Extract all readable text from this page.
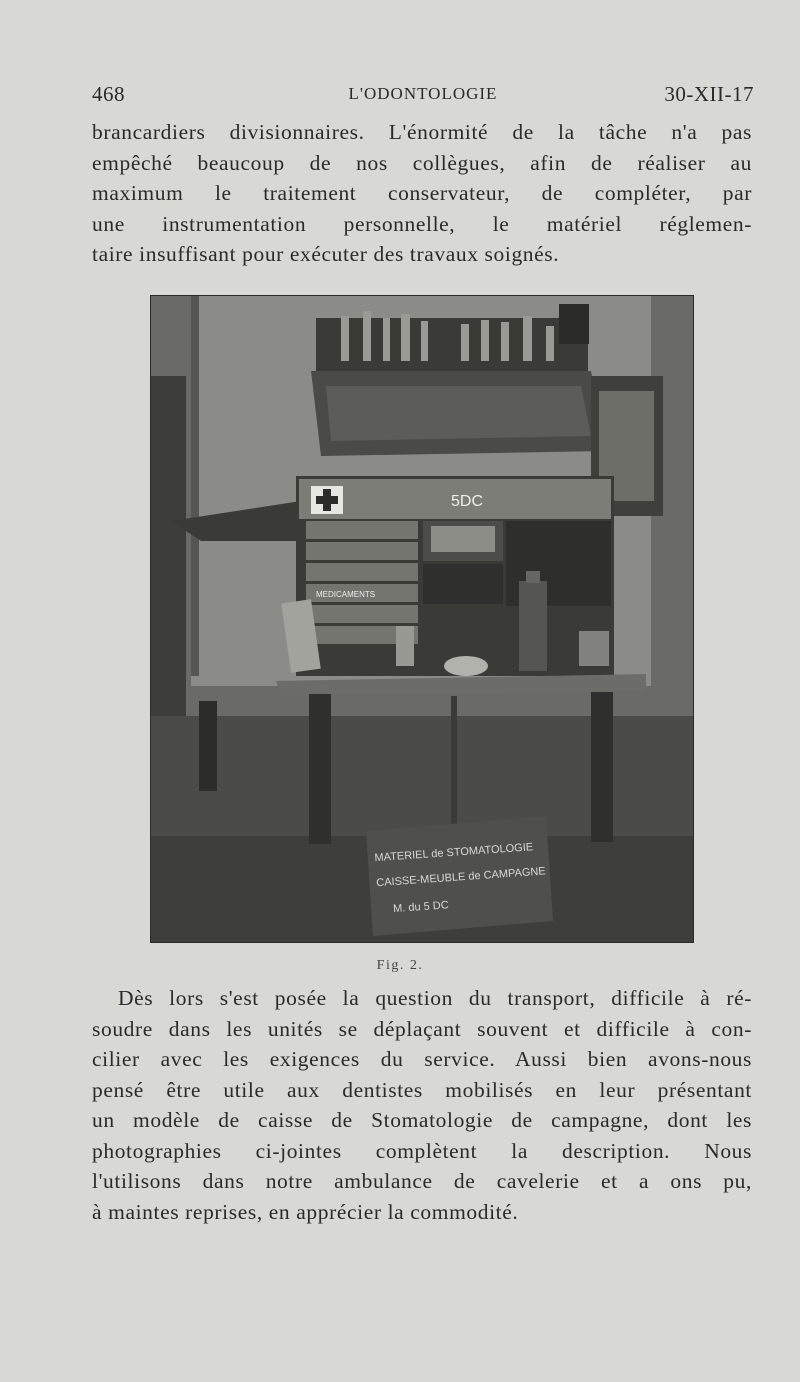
468	L'ODONTOLOGIE	30-XII-17
brancardiers divisionnaires. L'énormité de la tâche n'a pas
empêché beaucoup de nos collègues, afin de réaliser au
maximum le traitement conservateur, de compléter, par
une instrumentation personnelle, le matériel réglemen-
taire insuffisant pour exécuter des travaux soignés.
5DC
MEDICAMENTS
MATERIEL de STOMATOLOGIE
CAISSE-MEUBLE de CAMPAGNE
M. du 5 DC
Fig. 2.
Dès lors s'est posée la question du transport, difficile à ré-
soudre dans les unités se déplaçant souvent et difficile à con-
cilier avec les exigences du service. Aussi bien avons-nous
pensé être utile aux dentistes mobilisés en leur présentant
un modèle de caisse de Stomatologie de campagne, dont les
photographies ci-jointes complètent la description. Nous
l'utilisons dans notre ambulance de cavelerie et a ons pu,
à maintes reprises, en apprécier la commodité.
